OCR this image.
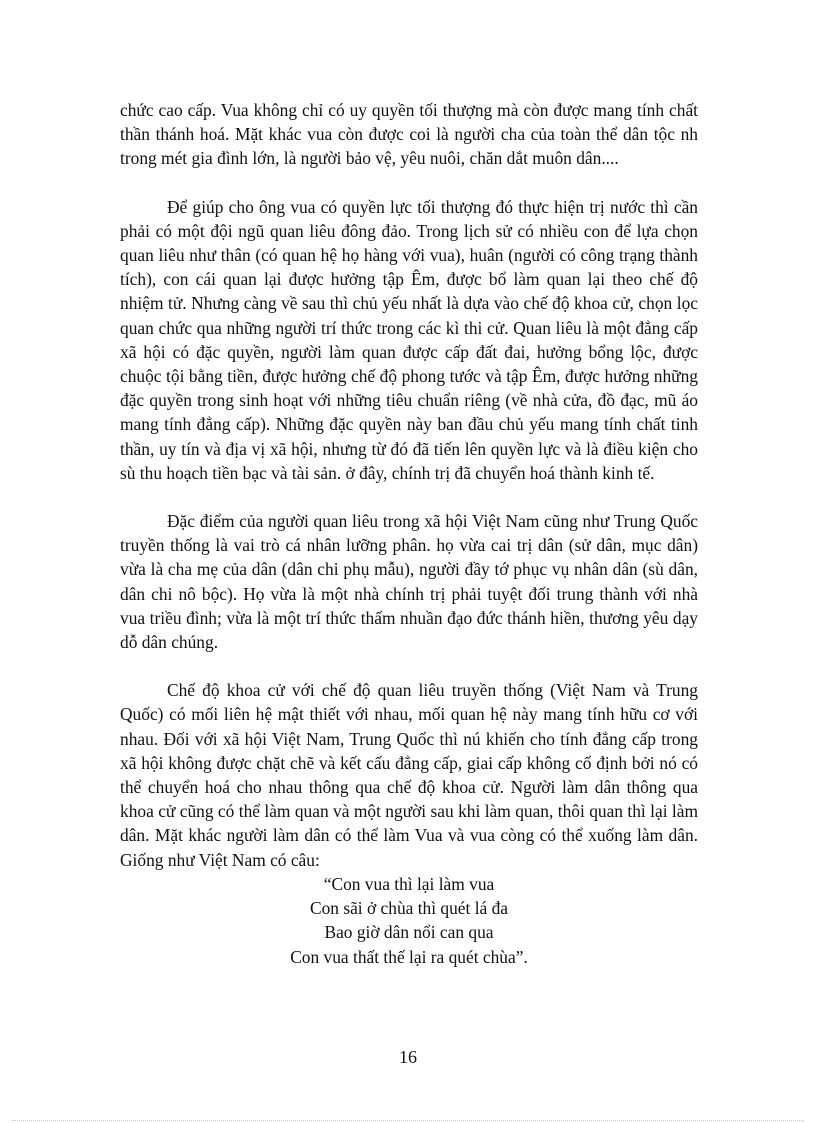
chức cao cấp. Vua không chỉ có uy quyền tối thượng mà còn được mang tính chất thần thánh hoá. Mặt khác vua còn được coi là người cha của toàn thể dân tộc nh trong mét gia đình lớn, là người bảo vệ, yêu nuôi, chăn dắt muôn dân....

Để giúp cho ông vua có quyền lực tối thượng đó thực hiện trị nước thì cần phải có một đội ngũ quan liêu đông đảo. Trong lịch sử có nhiều con để lựa chọn quan liêu như thân (có quan hệ họ hàng với vua), huân (người có công trạng thành tích), con cái quan lại được hưởng tập Êm, được bổ làm quan lại theo chế độ nhiệm tử. Nhưng càng về sau thì chủ yếu nhất là dựa vào chế độ khoa cử, chọn lọc quan chức qua những người trí thức trong các kì thi cử. Quan liêu là một đẳng cấp xã hội có đặc quyền, người làm quan được cấp đất đai, hưởng bổng lộc, được chuộc tội bằng tiền, được hưởng chế độ phong tước và tập Êm, được hưởng những đặc quyền trong sinh hoạt với những tiêu chuẩn riêng (về nhà cửa, đồ đạc, mũ áo mang tính đẳng cấp). Những đặc quyền này ban đầu chủ yếu mang tính chất tinh thần, uy tín và địa vị xã hội, nhưng từ đó đã tiến lên quyền lực và là điều kiện cho sù thu hoạch tiền bạc và tài sản. ở đây, chính trị đã chuyển hoá thành kinh tế.

Đặc điểm của người quan liêu trong xã hội Việt Nam cũng như Trung Quốc truyền thống là vai trò cá nhân lưỡng phân. họ vừa cai trị dân (sử dân, mục dân) vừa là cha mẹ của dân (dân chi phụ mẫu), người đầy tớ phục vụ nhân dân (sù dân, dân chi nô bộc). Họ vừa là một nhà chính trị phải tuyệt đối trung thành với nhà vua triều đình; vừa là một trí thức thấm nhuần đạo đức thánh hiền, thương yêu dạy dỗ dân chúng.

Chế độ khoa cử với chế độ quan liêu truyền thống (Việt Nam và Trung Quốc) có mối liên hệ mật thiết với nhau, mối quan hệ này mang tính hữu cơ với nhau. Đối với xã hội Việt Nam, Trung Quốc thì nú khiến cho tính đẳng cấp trong xã hội không được chặt chẽ và kết cấu đẳng cấp, giai cấp không cố định bởi nó có thể chuyển hoá cho nhau thông qua chế độ khoa cử. Người làm dân thông qua khoa cử cũng có thể làm quan và một người sau khi làm quan, thôi quan thì lại làm dân. Mặt khác người làm dân có thể làm Vua và vua còng có thể xuống làm dân. Giống như Việt Nam có câu:

“Con vua thì lại làm vua
Con sãi ở chùa thì quét lá đa
Bao giờ dân nổi can qua
Con vua thất thế lại ra quét chùa”.
16
